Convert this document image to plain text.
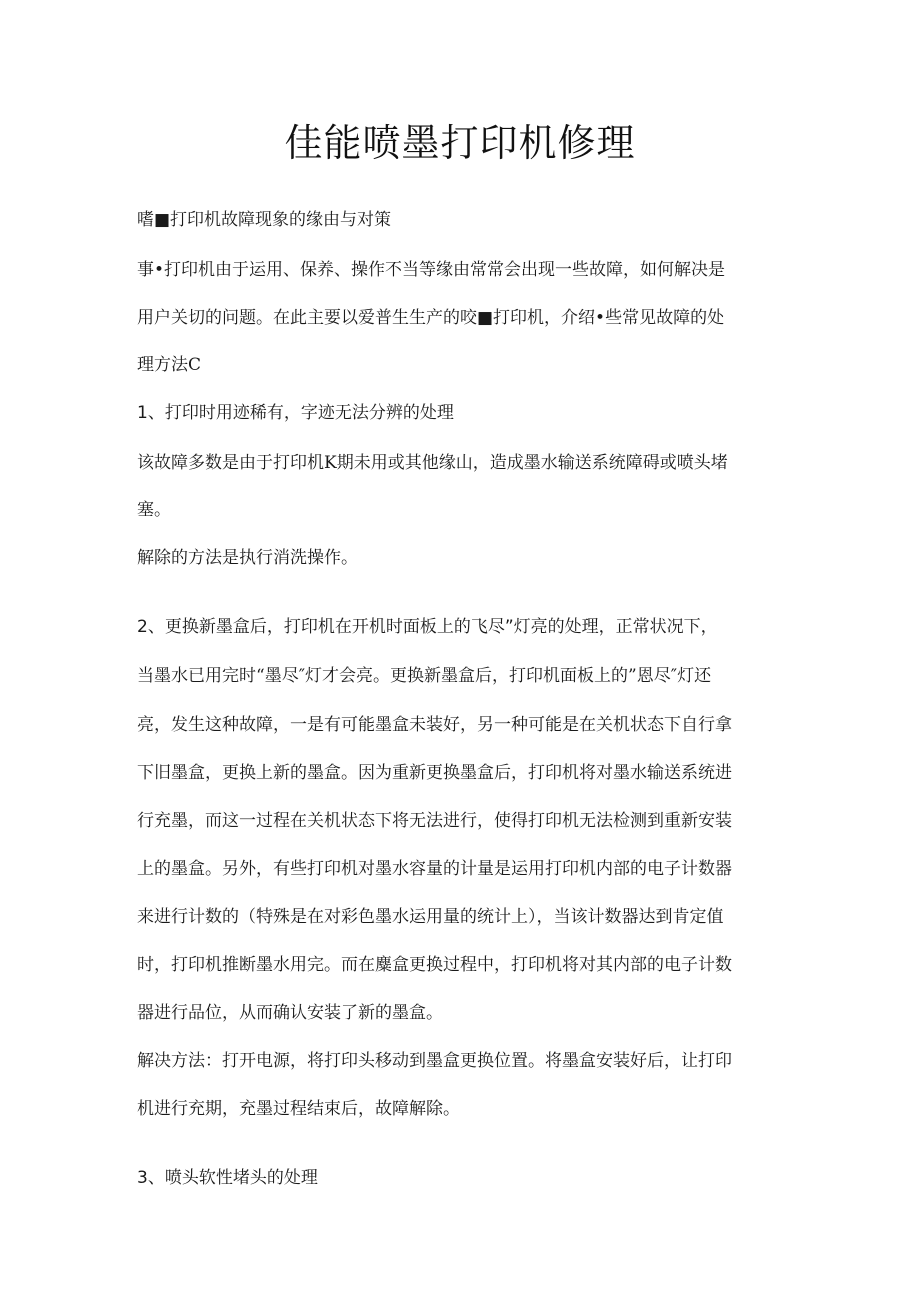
佳能喷墨打印机修理

嗜■打印机故障现象的缘由与对策

事•打印机由于运用、保养、操作不当等缘由常常会出现一些故障，如何解决是

用户关切的问题。在此主要以爱普生生产的咬■打印机，介绍•些常见故障的处

理方法C

1、打印时用迹稀有，字迹无法分辨的处理

该故障多数是由于打印机K期未用或其他缘山，造成墨水输送系统障碍或喷头堵

塞。

解除的方法是执行消洗操作。

2、更换新墨盒后，打印机在开机时面板上的飞尽”灯亮的处理，正常状况下，

当墨水已用完时“墨尽″灯才会亮。更换新墨盒后，打印机面板上的”恩尽″灯还

亮，发生这种故障，一是有可能墨盒未装好，另一种可能是在关机状态下自行拿

下旧墨盒，更换上新的墨盒。因为重新更换墨盒后，打印机将对墨水输送系统进

行充墨，而这一过程在关机状态下将无法进行，使得打印机无法检测到重新安装

上的墨盒。另外，有些打印机对墨水容量的计量是运用打印机内部的电子计数器

来进行计数的（特殊是在对彩色墨水运用量的统计上），当该计数器达到肯定值

时，打印机推断墨水用完。而在麋盒更换过程中，打印机将对其内部的电子计数

器进行品位，从而确认安装了新的墨盒。

解决方法：打开电源，将打印头移动到墨盒更换位置。将墨盒安装好后，让打印

机进行充期，充墨过程结束后，故障解除。

3、喷头软性堵头的处理
